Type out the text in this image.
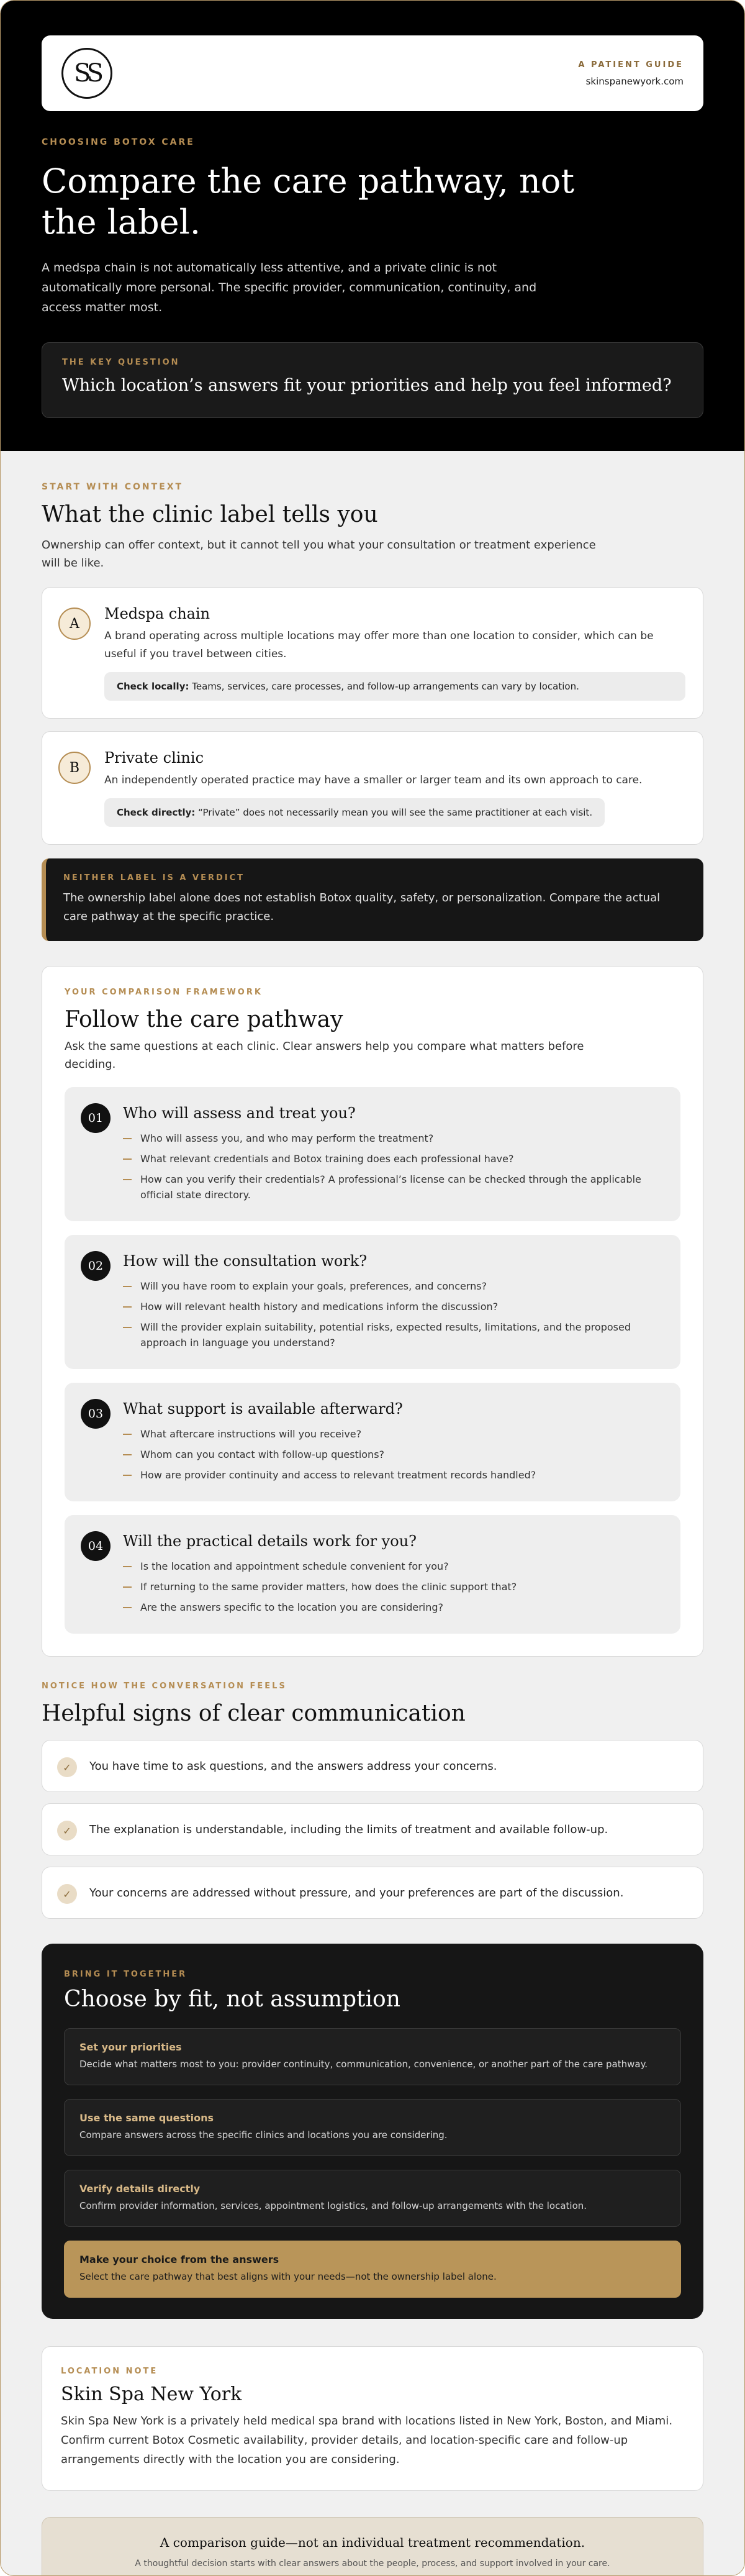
SS	A PATIENT GUIDE
skinspanewyork.com
CHOOSING BOTOX CARE
Compare the care pathway, not the label.

A medspa chain is not automatically less attentive, and a private clinic is not automatically more personal. The specific provider, communication, continuity, and access matter most.

THE KEY QUESTION
Which location’s answers fit your priorities and help you feel informed?
START WITH CONTEXT
What the clinic label tells you

Ownership can offer context, but it cannot tell you what your consultation or treatment experience will be like.

A
Medspa chain
A brand operating across multiple locations may offer more than one location to consider, which can be useful if you travel between cities.
Check locally: Teams, services, care processes, and follow-up arrangements can vary by location.
B
Private clinic
An independently operated practice may have a smaller or larger team and its own approach to care.
Check directly: “Private” does not necessarily mean you will see the same practitioner at each visit.
NEITHER LABEL IS A VERDICT

The ownership label alone does not establish Botox quality, safety, or personalization. Compare the actual care pathway at the specific practice.

YOUR COMPARISON FRAMEWORK
Follow the care pathway

Ask the same questions at each clinic. Clear answers help you compare what matters before deciding.

01	Who will assess and treat you?
Who will assess you, and who may perform the treatment?
What relevant credentials and Botox training does each professional have?
How can you verify their credentials? A professional’s license can be checked through the applicable official state directory.
02	How will the consultation work?
Will you have room to explain your goals, preferences, and concerns?
How will relevant health history and medications inform the discussion?
Will the provider explain suitability, potential risks, expected results, limitations, and the proposed approach in language you understand?
03	What support is available afterward?
What aftercare instructions will you receive?
Whom can you contact with follow-up questions?
How are provider continuity and access to relevant treatment records handled?
04	Will the practical details work for you?
Is the location and appointment schedule convenient for you?
If returning to the same provider matters, how does the clinic support that?
Are the answers specific to the location you are considering?
NOTICE HOW THE CONVERSATION FEELS
Helpful signs of clear communication
✓	You have time to ask questions, and the answers address your concerns.

✓	The explanation is understandable, including the limits of treatment and available follow-up.

✓	Your concerns are addressed without pressure, and your preferences are part of the discussion.

BRING IT TOGETHER
Choose by fit, not assumption
Set your priorities
Decide what matters most to you: provider continuity, communication, convenience, or another part of the care pathway.
Use the same questions
Compare answers across the specific clinics and locations you are considering.
Verify details directly
Confirm provider information, services, appointment logistics, and follow-up arrangements with the location.
Make your choice from the answers
Select the care pathway that best aligns with your needs—not the ownership label alone.
LOCATION NOTE
Skin Spa New York

Skin Spa New York is a privately held medical spa brand with locations listed in New York, Boston, and Miami. Confirm current Botox Cosmetic availability, provider details, and location-specific care and follow-up arrangements directly with the location you are considering.

A comparison guide—not an individual treatment recommendation.
A thoughtful decision starts with clear answers about the people, process, and support involved in your care.
